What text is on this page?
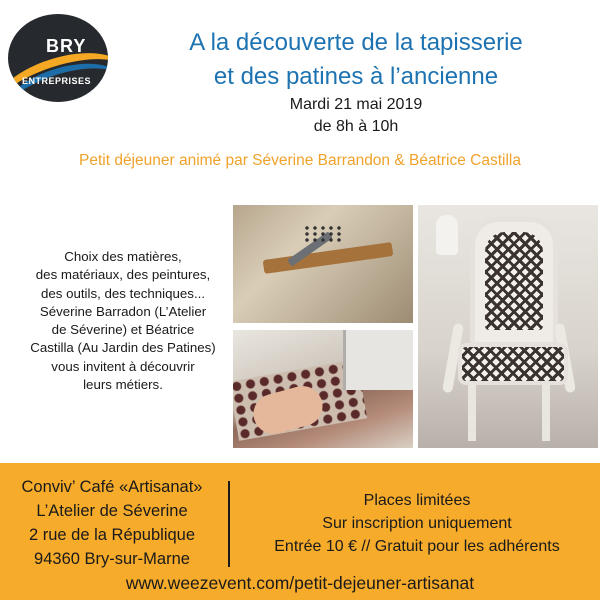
BRY
ENTREPRISES
A la découverte de la tapisserie
et des patines à l’ancienne
Mardi 21 mai 2019
de 8h à 10h
Petit déjeuner animé par Séverine Barrandon & Béatrice Castilla
Choix des matières,
des matériaux, des peintures,
des outils, des techniques...
Séverine Barradon (L’Atelier
de Séverine) et Béatrice
Castilla (Au Jardin des Patines)
vous invitent à découvrir
leurs métiers.
Conviv’ Café «Artisanat»
L’Atelier de Séverine
2 rue de la République
94360 Bry-sur-Marne
Places limitées
Sur inscription uniquement
Entrée 10 € // Gratuit pour les adhérents
www.weezevent.com/petit-dejeuner-artisanat
